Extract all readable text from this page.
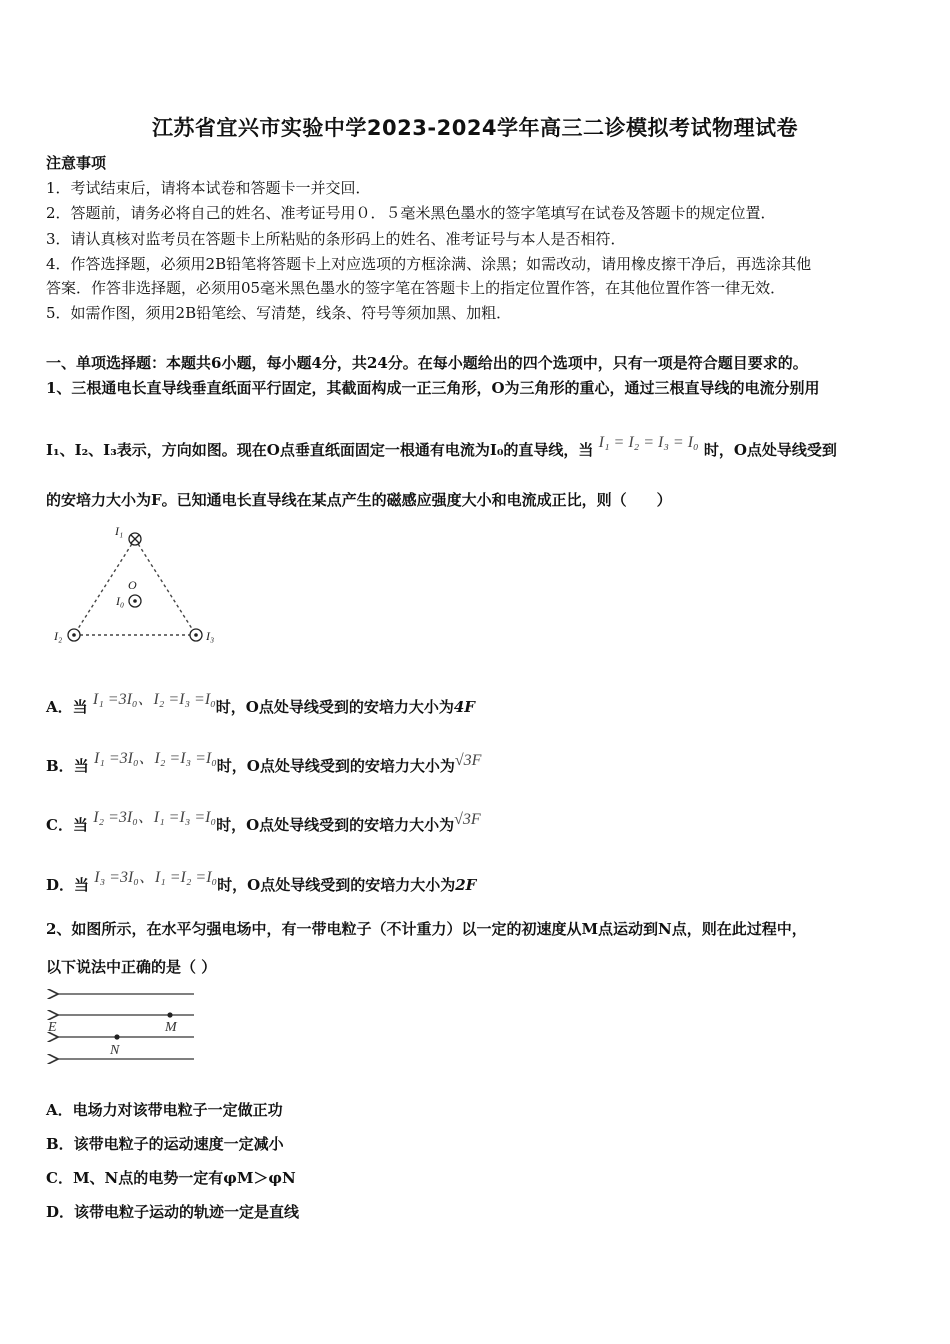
江苏省宜兴市实验中学2023-2024学年高三二诊模拟考试物理试卷
注意事项
1．考试结束后，请将本试卷和答题卡一并交回．
2．答题前，请务必将自己的姓名、准考证号用０．５毫米黑色墨水的签字笔填写在试卷及答题卡的规定位置．
3．请认真核对监考员在答题卡上所粘贴的条形码上的姓名、准考证号与本人是否相符．
4．作答选择题，必须用2B铅笔将答题卡上对应选项的方框涂满、涂黑；如需改动，请用橡皮擦干净后，再选涂其他
答案．作答非选择题，必须用05毫米黑色墨水的签字笔在答题卡上的指定位置作答，在其他位置作答一律无效．
5．如需作图，须用2B铅笔绘、写清楚，线条、符号等须加黑、加粗．
一、单项选择题：本题共6小题，每小题4分，共24分。在每小题给出的四个选项中，只有一项是符合题目要求的。
1、三根通电长直导线垂直纸面平行固定，其截面构成一正三角形，O为三角形的重心，通过三根直导线的电流分别用
I₁、I₂、I₃表示，方向如图。现在O点垂直纸面固定一根通有电流为I₀的直导线，当 I₁ = I₂ = I₃ = I₀ 时，O点处导线受到
的安培力大小为F。已知通电长直导线在某点产生的磁感应强度大小和电流成正比，则（　　）
I₁
I₂	I₃
O
I₀
A．当 I₁ =3I₀、I₂ =I₃ =I₀时，O点处导线受到的安培力大小为4F
B．当 I₁ =3I₀、I₂ =I₃ =I₀时，O点处导线受到的安培力大小为√3F
C．当 I₂ =3I₀、I₁ =I₃ =I₀时，O点处导线受到的安培力大小为√3F
D．当 I₃ =3I₀、I₁ =I₂ =I₀时，O点处导线受到的安培力大小为2F
2、如图所示，在水平匀强电场中，有一带电粒子（不计重力）以一定的初速度从M点运动到N点，则在此过程中，
以下说法中正确的是（ ）
E	M
N
A．电场力对该带电粒子一定做正功
B．该带电粒子的运动速度一定减小
C．M、N点的电势一定有φM＞φN
D．该带电粒子运动的轨迹一定是直线
